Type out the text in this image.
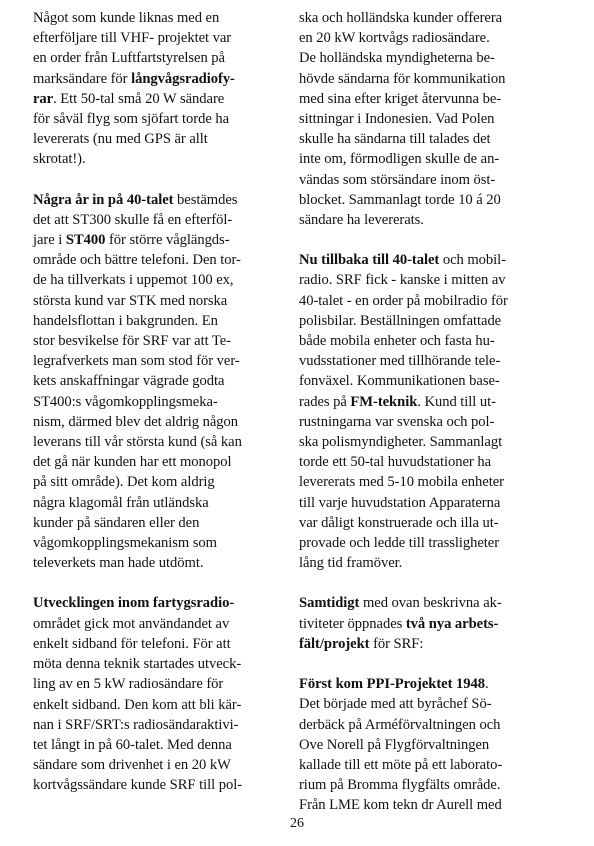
Något som kunde liknas med en
efterföljare till VHF- projektet var
en order från Luftfartstyrelsen på
marksändare för långvågsradiofy-
rar. Ett 50-tal små 20 W sändare
för såväl flyg som sjöfart torde ha
levererats (nu med GPS är allt
skrotat!).

Några år in på 40-talet bestämdes
det att ST300 skulle få en efterföl-
jare i ST400 för större våglängds-
område och bättre telefoni. Den tor-
de ha tillverkats i uppemot 100 ex,
största kund var STK med norska
handelsflottan i bakgrunden. En
stor besvikelse för SRF var att Te-
legrafverkets man som stod för ver-
kets anskaffningar vägrade godta
ST400:s vågomkopplingsmeka-
nism, därmed blev det aldrig någon
leverans till vår största kund (så kan
det gå när kunden har ett monopol
på sitt område). Det kom aldrig
några klagomål från utländska
kunder på sändaren eller den
vågomkopplingsmekanism som
televerkets man hade utdömt.

Utvecklingen inom fartygsradio-
området gick mot användandet av
enkelt sidband för telefoni. För att
möta denna teknik startades utveck-
ling av en 5 kW radiosändare för
enkelt sidband. Den kom att bli kär-
nan i SRF/SRT:s radiosändaraktivi-
tet långt in på 60-talet. Med denna
sändare som drivenhet i en 20 kW
kortvågssändare kunde SRF till pol-

ska och holländska kunder offerera
en 20 kW kortvågs radiosändare.
De holländska myndigheterna be-
hövde sändarna för kommunikation
med sina efter kriget återvunna be-
sittningar i Indonesien. Vad Polen
skulle ha sändarna till talades det
inte om, förmodligen skulle de an-
vändas som störsändare inom öst-
blocket. Sammanlagt torde 10 á 20
sändare ha levererats.

Nu tillbaka till 40-talet och mobil-
radio. SRF fick - kanske i mitten av
40-talet - en order på mobilradio för
polisbilar. Beställningen omfattade
både mobila enheter och fasta hu-
vudsstationer med tillhörande tele-
fonväxel. Kommunikationen base-
rades på FM-teknik. Kund till ut-
rustningarna var svenska och pol-
ska polismyndigheter. Sammanlagt
torde ett 50-tal huvudstationer ha
levererats med 5-10 mobila enheter
till varje huvudstation Apparaterna
var dåligt konstruerade och illa ut-
provade och ledde till trassligheter
lång tid framöver.

Samtidigt med ovan beskrivna ak-
tiviteter öppnades två nya arbets-
fält/projekt för SRF:

Först kom PPI-Projektet 1948.
Det började med att byråchef Sö-
derbäck på Arméförvaltningen och
Ove Norell på Flygförvaltningen
kallade till ett möte på ett laborato-
rium på Bromma flygfälts område.
Från LME kom tekn dr Aurell med

26
